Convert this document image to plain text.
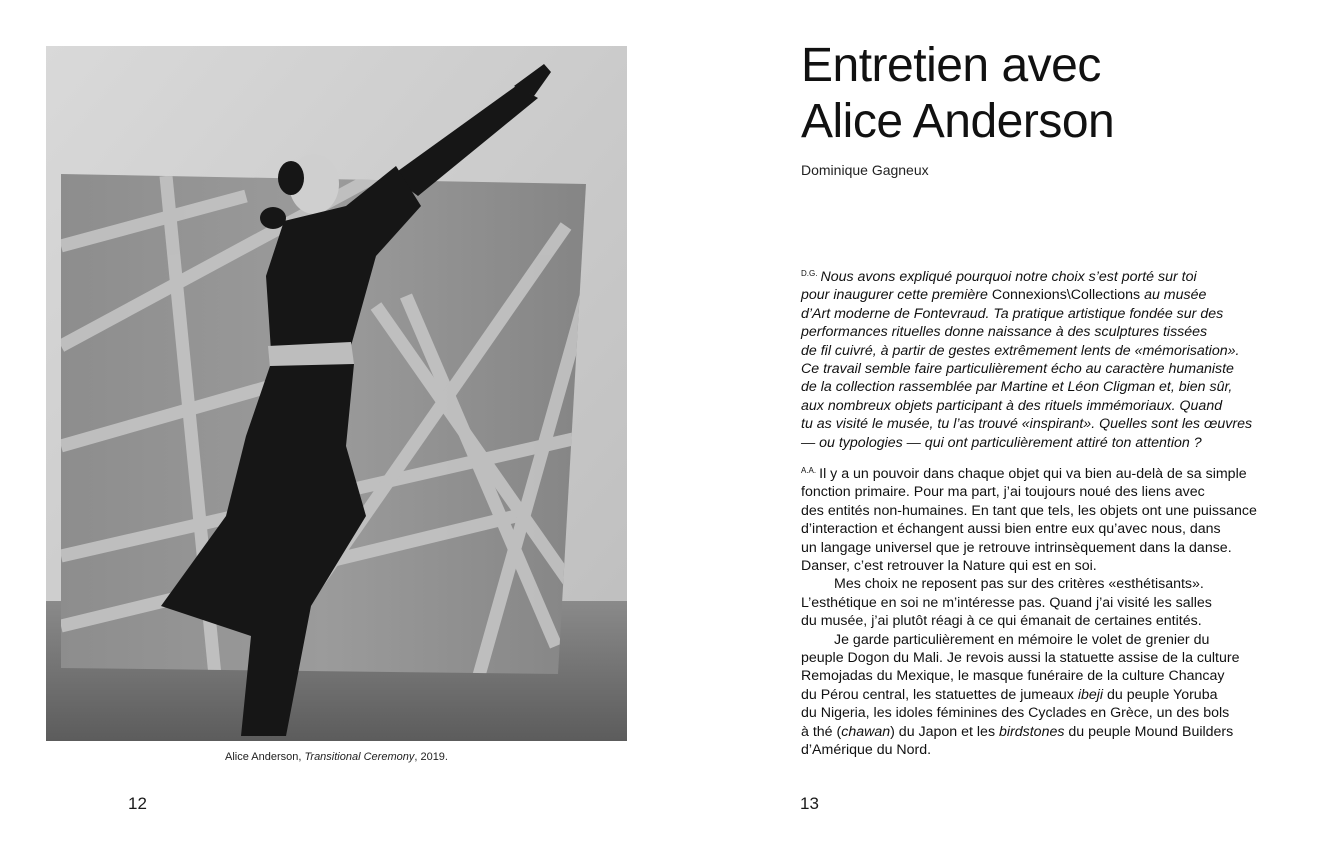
Alice Anderson, Transitional Ceremony, 2019.
12
Entretien avec
Alice Anderson
Dominique Gagneux
$^{D.G.}$ Nous avons expliqué pourquoi notre choix s’est porté sur toi
pour inaugurer cette première Connexions\Collections au musée
d’Art moderne de Fontevraud. Ta pratique artistique fondée sur des
performances rituelles donne naissance à des sculptures tissées
de fil cuivré, à partir de gestes extrêmement lents de «mémorisation».
Ce travail semble faire particulièrement écho au caractère humaniste
de la collection rassemblée par Martine et Léon Cligman et, bien sûr,
aux nombreux objets participant à des rituels immémoriaux. Quand
tu as visité le musée, tu l’as trouvé «inspirant». Quelles sont les œuvres
— ou typologies — qui ont particulièrement attiré ton attention ?
$^{A.A.}$ Il y a un pouvoir dans chaque objet qui va bien au-delà de sa simple
fonction primaire. Pour ma part, j’ai toujours noué des liens avec
des entités non-humaines. En tant que tels, les objets ont une puissance
d’interaction et échangent aussi bien entre eux qu’avec nous, dans
un langage universel que je retrouve intrinsèquement dans la danse.
Danser, c’est retrouver la Nature qui est en soi.
Mes choix ne reposent pas sur des critères «esthétisants».
L’esthétique en soi ne m’intéresse pas. Quand j’ai visité les salles
du musée, j’ai plutôt réagi à ce qui émanait de certaines entités.
Je garde particulièrement en mémoire le volet de grenier du
peuple Dogon du Mali. Je revois aussi la statuette assise de la culture
Remojadas du Mexique, le masque funéraire de la culture Chancay
du Pérou central, les statuettes de jumeaux ibeji du peuple Yoruba
du Nigeria, les idoles féminines des Cyclades en Grèce, un des bols
à thé (chawan) du Japon et les birdstones du peuple Mound Builders
d’Amérique du Nord.
13
